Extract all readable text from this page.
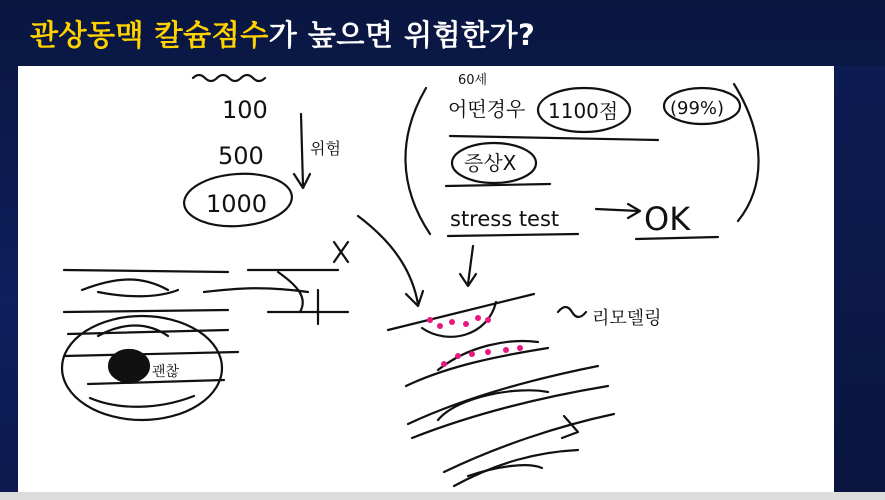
관상동맥 칼슘점수가 높으면 위험한가?
100
500
1000
위험
60세
어떤경우 1100점	(99%)
증상X
stress test	OK
괜찮
리모델링
